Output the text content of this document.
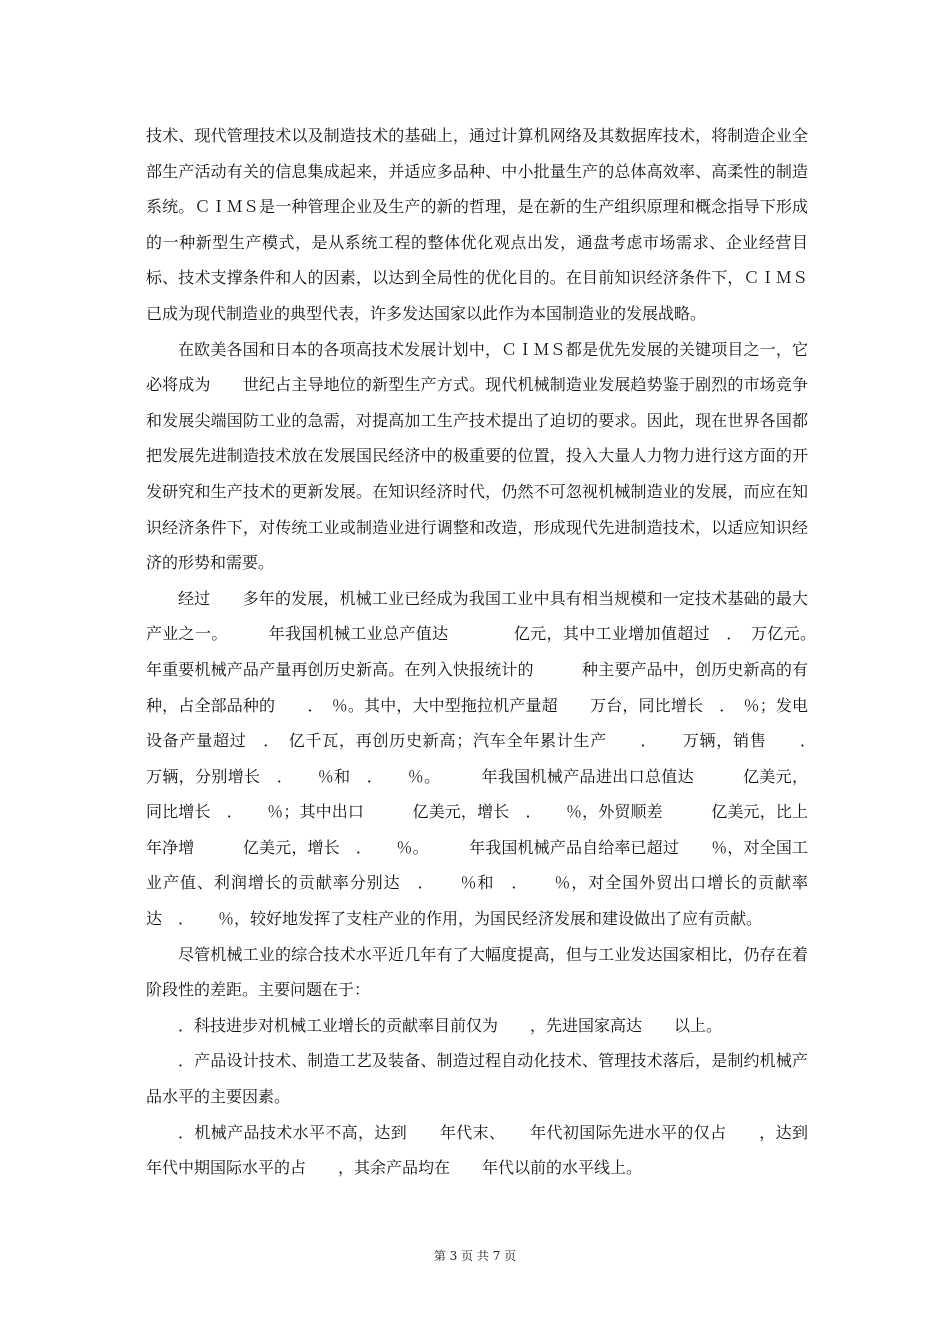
技术、现代管理技术以及制造技术的基础上，通过计算机网络及其数据库技术，将制造企业全部生产活动有关的信息集成起来，并适应多品种、中小批量生产的总体高效率、高柔性的制造系统。ＣＩＭＳ是一种管理企业及生产的新的哲理，是在新的生产组织原理和概念指导下形成的一种新型生产模式，是从系统工程的整体优化观点出发，通盘考虑市场需求、企业经营目标、技术支撑条件和人的因素，以达到全局性的优化目的。在目前知识经济条件下，ＣＩＭＳ已成为现代制造业的典型代表，许多发达国家以此作为本国制造业的发展战略。

在欧美各国和日本的各项高技术发展计划中，ＣＩＭＳ都是优先发展的关键项目之一，它必将成为　　世纪占主导地位的新型生产方式。现代机械制造业发展趋势鉴于剧烈的市场竞争和发展尖端国防工业的急需，对提高加工生产技术提出了迫切的要求。因此，现在世界各国都把发展先进制造技术放在发展国民经济中的极重要的位置，投入大量人力物力进行这方面的开发研究和生产技术的更新发展。在知识经济时代，仍然不可忽视机械制造业的发展，而应在知识经济条件下，对传统工业或制造业进行调整和改造，形成现代先进制造技术，以适应知识经济的形势和需要。

经过　　多年的发展，机械工业已经成为我国工业中具有相当规模和一定技术基础的最大产业之一。　　　年我国机械工业总产值达　　　　亿元，其中工业增加值超过　．　万亿元。　　年重要机械产品产量再创历史新高。在列入快报统计的　　　种主要产品中，创历史新高的有　　种，占全部品种的　　．　％。其中，大中型拖拉机产量超　　万台，同比增长　．　％；发电设备产量超过　．　亿千瓦，再创历史新高；汽车全年累计生产　　．　　万辆，销售　　．　　万辆，分别增长　．　　％和　．　　％。　　　年我国机械产品进出口总值达　　　亿美元，同比增长　．　　％；其中出口　　　亿美元，增长　．　　％，外贸顺差　　　亿美元，比上年净增　　　亿美元，增长　．　　％。　　　年我国机械产品自给率已超过　　％，对全国工业产值、利润增长的贡献率分别达　．　　％和　．　　％，对全国外贸出口增长的贡献率达　．　　％，较好地发挥了支柱产业的作用，为国民经济发展和建设做出了应有贡献。

尽管机械工业的综合技术水平近几年有了大幅度提高，但与工业发达国家相比，仍存在着阶段性的差距。主要问题在于：

．科技进步对机械工业增长的贡献率目前仅为　　，先进国家高达　　以上。

．产品设计技术、制造工艺及装备、制造过程自动化技术、管理技术落后，是制约机械产品水平的主要因素。

．机械产品技术水平不高，达到　　年代末、　　年代初国际先进水平的仅占　　，达到　　年代中期国际水平的占　　，其余产品均在　　年代以前的水平线上。

第 3 页 共 7 页
